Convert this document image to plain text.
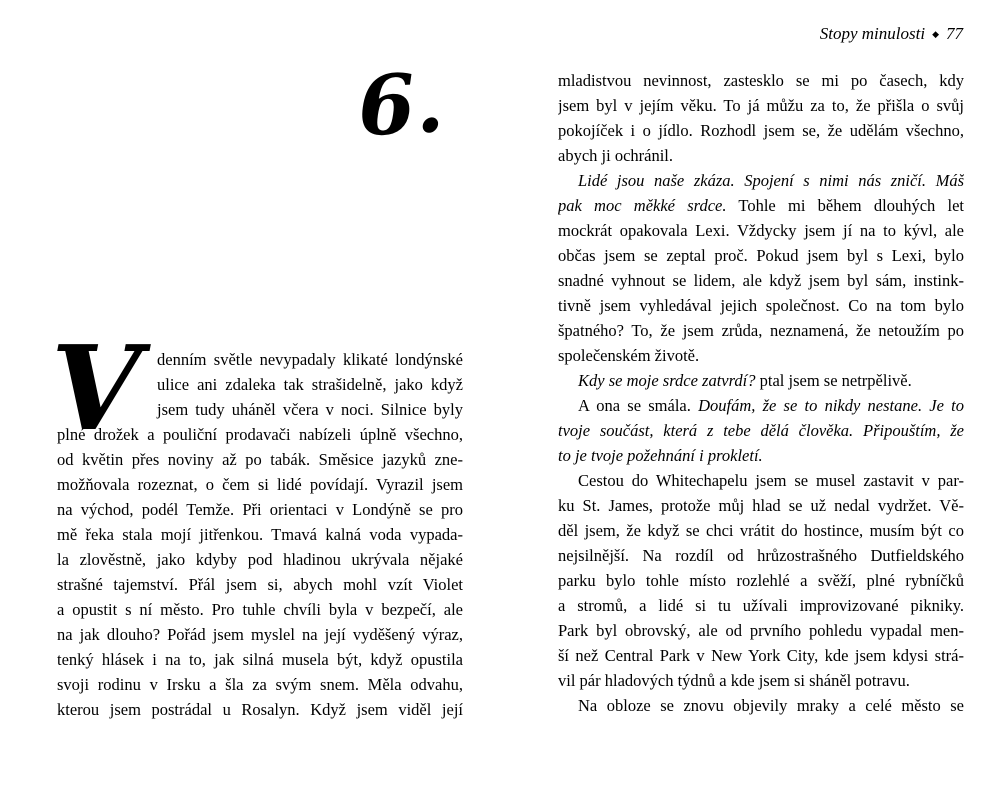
Stopy minulosti ◆ 77
6.
V denním světle nevypadaly klikaté londýnské
ulice ani zdaleka tak strašidelně, jako když
jsem tudy uháněl včera v noci. Silnice byly
plné drožek a pouliční prodavači nabízeli úplně všechno,
od květin přes noviny až po tabák. Směsice jazyků zne-
možňovala rozeznat, o čem si lidé povídají. Vyrazil jsem
na východ, podél Temže. Při orientaci v Londýně se pro
mě řeka stala mojí jitřenkou. Tmavá kalná voda vypada-
la zlověstně, jako kdyby pod hladinou ukrývala nějaké
strašné tajemství. Přál jsem si, abych mohl vzít Violet
a opustit s ní město. Pro tuhle chvíli byla v bezpečí, ale
na jak dlouho? Pořád jsem myslel na její vyděšený výraz,
tenký hlásek i na to, jak silná musela být, když opustila
svoji rodinu v Irsku a šla za svým snem. Měla odvahu,
kterou jsem postrádal u Rosalyn. Když jsem viděl její
mladistvou nevinnost, zastesklo se mi po časech, kdy
jsem byl v jejím věku. To já můžu za to, že přišla o svůj
pokojíček i o jídlo. Rozhodl jsem se, že udělám všechno,
abych ji ochránil.
Lidé jsou naše zkáza. Spojení s nimi nás zničí. Máš
pak moc měkké srdce. Tohle mi během dlouhých let
mockrát opakovala Lexi. Vždycky jsem jí na to kývl, ale
občas jsem se zeptal proč. Pokud jsem byl s Lexi, bylo
snadné vyhnout se lidem, ale když jsem byl sám, instink-
tivně jsem vyhledával jejich společnost. Co na tom bylo
špatného? To, že jsem zrůda, neznamená, že netoužím po
společenském životě.
Kdy se moje srdce zatvrdí? ptal jsem se netrpělivě.
A ona se smála. Doufám, že se to nikdy nestane. Je to
tvoje součást, která z tebe dělá člověka. Připouštím, že
to je tvoje požehnání i prokletí.
Cestou do Whitechapelu jsem se musel zastavit v par-
ku St. James, protože můj hlad se už nedal vydržet. Vě-
děl jsem, že když se chci vrátit do hostince, musím být co
nejsilnější. Na rozdíl od hrůzostrašného Dutfieldského
parku bylo tohle místo rozlehlé a svěží, plné rybníčků
a stromů, a lidé si tu užívali improvizované pikniky.
Park byl obrovský, ale od prvního pohledu vypadal men-
ší než Central Park v New York City, kde jsem kdysi strá-
vil pár hladových týdnů a kde jsem si sháněl potravu.
Na obloze se znovu objevily mraky a celé město se
